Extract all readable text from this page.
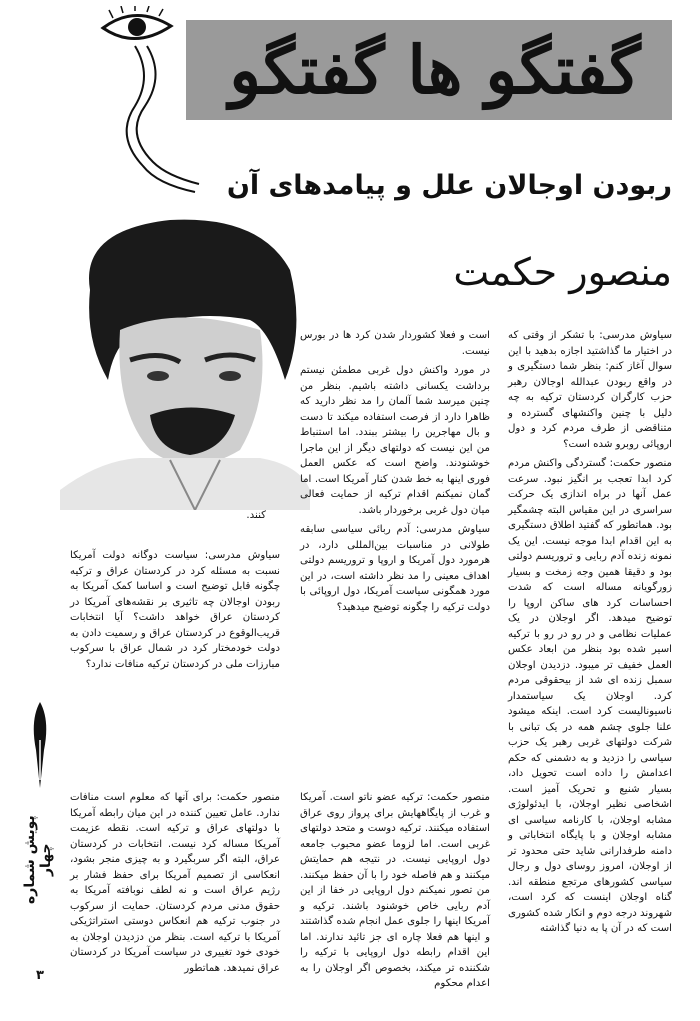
گفتگو ها گفتگو
ربودن اوجالان علل و پیامدهای آن
منصور حکمت
کنند.

سیاوش مدرسی: با تشکر از وقتی که در اختیار ما گذاشتید اجازه بدهید با این سوال آغاز کنم: بنظر شما دستگیری و در واقع ربودن عبدالله اوجالان رهبر حزب کارگران کردستان ترکیه به چه دلیل با چنین واکنشهای گسترده و متناقضی از طرف مردم کرد و دول اروپائی روبرو شده است؟

منصور حکمت: گستردگی واکنش مردم کرد ابدا تعجب بر انگیز نبود. سرعت عمل آنها در براه اندازی یک حرکت سراسری در این مقیاس البته چشمگیر بود. هماتطور که گفتید اطلاق دستگیری به این اقدام ابدا موجه نیست. این یک نمونه زنده آدم ربایی و تروریسم دولتی بود و دقیقا همین وجه زمخت و بسیار زورگویانه مساله است که شدت احساسات کرد های ساکن اروپا را توضیح میدهد. اگر اوجلان در یک عملیات نظامی و در رو در رو با ترکیه اسیر شده بود بنظر من ابعاد عکس العمل خفیف تر میبود. دزدیدن اوجلان سمبل زنده ای شد از بیحقوقی مردم کرد. اوجلان یک سیاستمدار ناسیونالیست کرد است. اینکه میشود علنا جلوی چشم همه در یک تبانی با شرکت دولتهای غربی رهبر یک حزب سیاسی را دزدید و به دشمنی که حکم اعدامش را داده است تحویل داد، بسیار شنیع و تحریک آمیز است. اشخاصی نظیر اوجلان، با ایدئولوژی مشابه اوجلان، با کارنامه سیاسی ای مشابه اوجلان و با پایگاه انتخاباتی و دامنه طرفدارانی شاید حتی محدود تر از اوجلان، امروز روسای دول و رجال سیاسی کشورهای مرتجع منطقه اند. گناه اوجلان اینست که کرد است، شهروند درجه دوم و انکار شده کشوری است که در آن پا به دنیا گذاشته

است و فعلا کشوردار شدن کرد ها در بورس نیست.

در مورد واکنش دول غربی مطمئن نیستم برداشت یکسانی داشته باشیم. بنظر من چنین میرسد شما آلمان را مد نظر دارید که ظاهرا دارد از فرصت استفاده میکند تا دست و بال مهاجرین را بیشتر ببندد. اما استنباط من این نیست که دولتهای دیگر از این ماجرا خوشنودند. واضح است که عکس العمل فوری اینها به خط شدن کنار آمریکا است. اما گمان نمیکنم اقدام ترکیه از حمایت فعالی میان دول غربی برخوردار باشد.

سیاوش مدرسی: آدم ربائی سیاسی سابقه طولانی در مناسبات بین‌المللی دارد، در هرمورد دول آمریکا و اروپا و تروریسم دولتی اهداف معینی را مد نظر داشته است، در این مورد همگونی سیاست آمریکا، دول اروپائی با دولت ترکیه را چگونه توضیح میدهید؟

منصور حکمت: ترکیه عضو ناتو است. آمریکا و غرب از پایگاههایش برای پرواز روی عراق استفاده میکنند. ترکیه دوست و متحد دولتهای غربی است. اما لزوما عضو محبوب جامعه دول اروپایی نیست. در نتیجه هم حمایتش میکنند و هم فاصله خود را با آن حفظ میکنند. من تصور نمیکنم دول اروپایی در خفا از این آدم ربایی خاص خوشنود باشند. ترکیه و آمریکا اینها را جلوی عمل انجام شده گذاشتند و اینها هم فعلا چاره ای جز تائید ندارند. اما این اقدام رابطه دول اروپایی با ترکیه را شکننده تر میکند، بخصوص اگر اوجلان را به اعدام محکوم

سیاوش مدرسی: سیاست دوگانه دولت آمریکا نسبت به مسئله کرد در کردستان عراق و ترکیه چگونه قابل توضیح است و اساسا کمک آمریکا به ربودن اوجالان چه تاثیری بر نقشه‌های آمریکا در کردستان عراق خواهد داشت؟ آیا انتخابات قریب‌الوقوع در کردستان عراق و رسمیت دادن به دولت خودمختار کرد در شمال عراق با سرکوب مبارزات ملی در کردستان ترکیه منافات ندارد؟

منصور حکمت: برای آنها که معلوم است منافات ندارد. عامل تعیین کننده در این میان رابطه آمریکا با دولتهای عراق و ترکیه است. نقطه عزیمت آمریکا مساله کرد نیست. انتخابات در کردستان عراق، البته اگر سربگیرد و به چیزی منجر بشود، انعکاسی از تصمیم آمریکا برای حفظ فشار بر رژیم عراق است و نه لطف نوبافته آمریکا به حقوق مدنی مردم کردستان. حمایت از سرکوب در جنوب ترکیه هم انعکاس دوستی استراتژیکی آمریکا با ترکیه است. بنظر من دزدیدن اوجلان به خودی خود تغییری در سیاست آمریکا در کردستان عراق نمیدهد. هماتطور

پویش شماره چهار
٣
